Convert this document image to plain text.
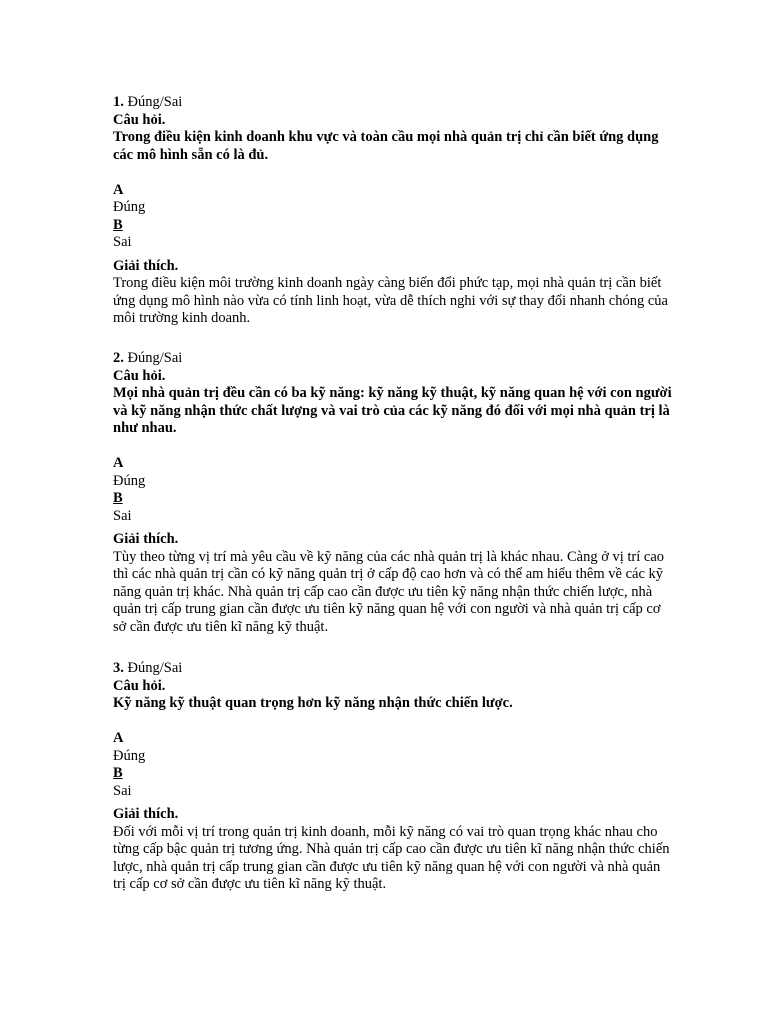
1. Đúng/Sai
Câu hỏi.
Trong điều kiện kinh doanh khu vực và toàn cầu mọi nhà quản trị chỉ cần biết ứng dụng các mô hình sẵn có là đủ.
A
Đúng
B
Sai
Giải thích.
Trong điều kiện môi trường kinh doanh ngày càng biến đổi phức tạp, mọi nhà quản trị cần biết ứng dụng mô hình nào vừa có tính linh hoạt, vừa dễ thích nghi với sự thay đổi nhanh chóng của môi trường kinh doanh.
2. Đúng/Sai
Câu hỏi.
Mọi nhà quản trị đều cần có ba kỹ năng: kỹ năng kỹ thuật, kỹ năng quan hệ với con người và kỹ năng nhận thức chất lượng và vai trò của các kỹ năng đó đối với mọi nhà quản trị là như nhau.
A
Đúng
B
Sai
Giải thích.
Tùy theo từng vị trí mà yêu cầu về kỹ năng của các nhà quản trị là khác nhau. Càng ở vị trí cao thì các nhà quản trị cần có kỹ năng quản trị ở cấp độ cao hơn và có thể am hiểu thêm về các kỹ năng quản trị khác. Nhà quản trị cấp cao cần được ưu tiên kỹ năng nhận thức chiến lược, nhà quản trị cấp trung gian cần được ưu tiên kỹ năng quan hệ với con người và nhà quản trị cấp cơ sở cần được ưu tiên kĩ năng kỹ thuật.
3. Đúng/Sai
Câu hỏi.
Kỹ năng kỹ thuật quan trọng hơn kỹ năng nhận thức chiến lược.
A
Đúng
B
Sai
Giải thích.
Đối với mỗi vị trí trong quản trị kinh doanh, mỗi kỹ năng có vai trò quan trọng khác nhau cho từng cấp bậc quản trị tương ứng. Nhà quản trị cấp cao cần được ưu tiên kĩ năng nhận thức chiến lược, nhà quản trị cấp trung gian cần được ưu tiên kỹ năng quan hệ với con người và nhà quản trị cấp cơ sở cần được ưu tiên kĩ năng kỹ thuật.
